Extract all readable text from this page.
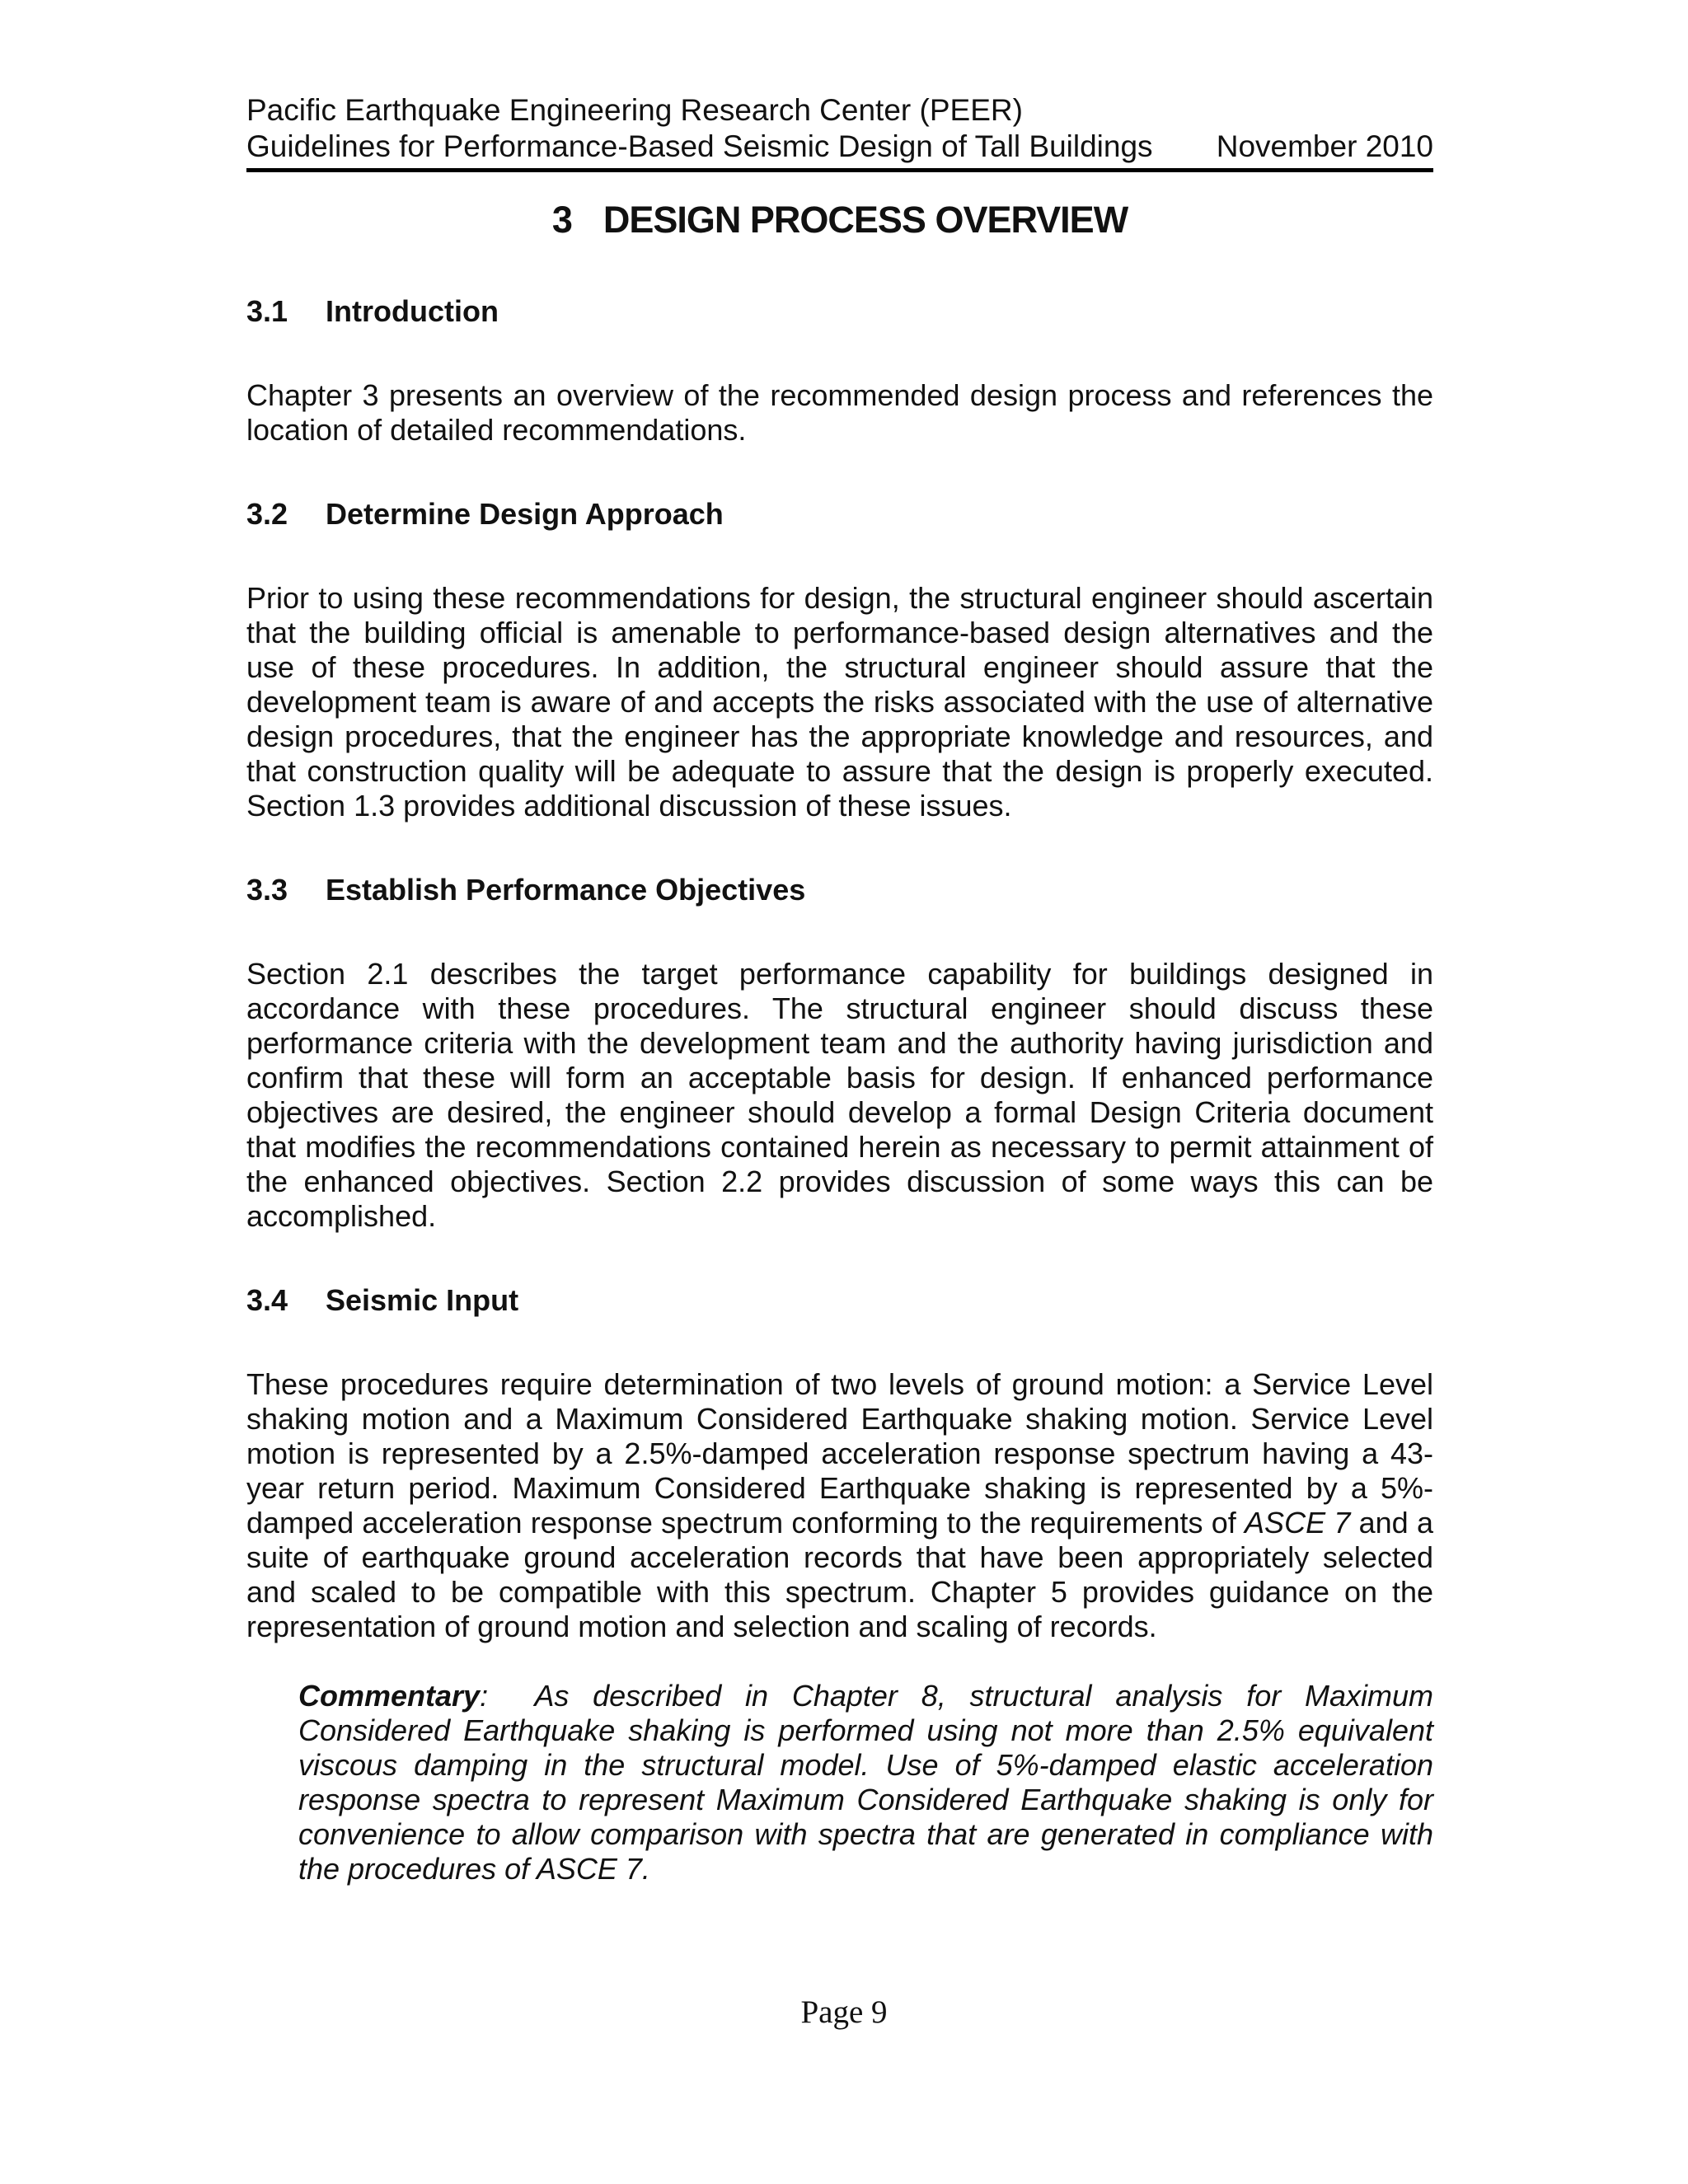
Pacific Earthquake Engineering Research Center (PEER)
Guidelines for Performance-Based Seismic Design of Tall Buildings November 2010
3 DESIGN PROCESS OVERVIEW
3.1 Introduction

Chapter 3 presents an overview of the recommended design process and references the location of detailed recommendations.

3.2 Determine Design Approach

Prior to using these recommendations for design, the structural engineer should ascertain that the building official is amenable to performance-based design alternatives and the use of these procedures. In addition, the structural engineer should assure that the development team is aware of and accepts the risks associated with the use of alternative design procedures, that the engineer has the appropriate knowledge and resources, and that construction quality will be adequate to assure that the design is properly executed. Section 1.3 provides additional discussion of these issues.

3.3 Establish Performance Objectives

Section 2.1 describes the target performance capability for buildings designed in accordance with these procedures. The structural engineer should discuss these performance criteria with the development team and the authority having jurisdiction and confirm that these will form an acceptable basis for design. If enhanced performance objectives are desired, the engineer should develop a formal Design Criteria document that modifies the recommendations contained herein as necessary to permit attainment of the enhanced objectives. Section 2.2 provides discussion of some ways this can be accomplished.

3.4 Seismic Input

These procedures require determination of two levels of ground motion: a Service Level shaking motion and a Maximum Considered Earthquake shaking motion. Service Level motion is represented by a 2.5%-damped acceleration response spectrum having a 43-year return period. Maximum Considered Earthquake shaking is represented by a 5%-damped acceleration response spectrum conforming to the requirements of ASCE 7 and a suite of earthquake ground acceleration records that have been appropriately selected and scaled to be compatible with this spectrum. Chapter 5 provides guidance on the representation of ground motion and selection and scaling of records.

Commentary: As described in Chapter 8, structural analysis for Maximum Considered Earthquake shaking is performed using not more than 2.5% equivalent viscous damping in the structural model. Use of 5%-damped elastic acceleration response spectra to represent Maximum Considered Earthquake shaking is only for convenience to allow comparison with spectra that are generated in compliance with the procedures of ASCE 7.

Page 9
